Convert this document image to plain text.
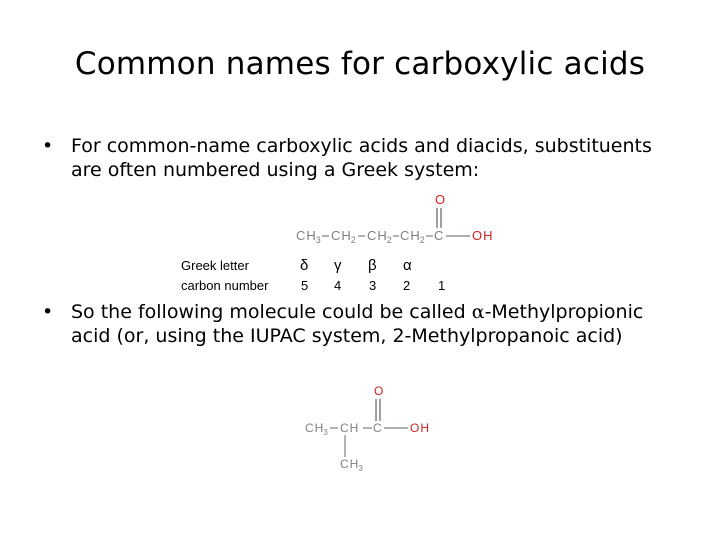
Common names for carboxylic acids
• For common-name carboxylic acids and diacids, substituents
are often numbered using a Greek system:
• So the following molecule could be called α-Methylpropionic
acid (or, using the IUPAC system, 2-Methylpropanoic acid)
O
$CH_3$ $CH_2$ $CH_2$ $CH_2$ C OH
Greek letter	δ γ β α
carbon number	5 4 3 2 1
O
$CH_3$ CH C OH
$CH_3$
